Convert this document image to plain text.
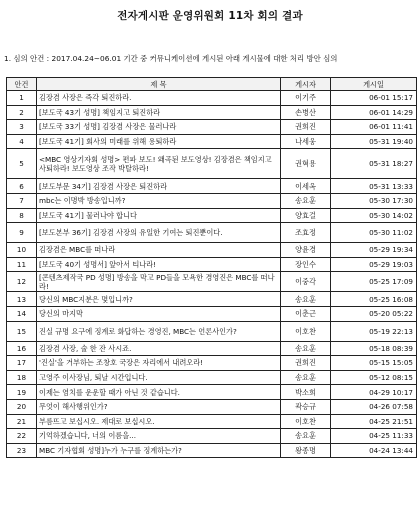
전자게시판 운영위원회 11차 회의 결과
1. 심의 안건 : 2017.04.24~06.01 기간 중 커뮤니케이션에 게시된 아래 게시물에 대한 처리 방안 심의
안건	제 목	게시자	게시일
1	김장겸 사장은 즉각 퇴진하라.	이기주	06-01 15:17
2	[보도국 43기 성명] 책임지고 퇴진하라	손병산	06-01 14:29
3	[보도국 33기 성명] 김장겸 사장은 물러나라	권희진	06-01 11:41
4	[보도국 41기] 회사의 미래를 위해 용퇴하라	나세웅	05-31 19:40
5	<MBC 영상기자회 성명> 편파 보도! 왜곡된 보도영상! 김장겸은 책임지고 사퇴하라! 보도영상 조작 박탈하라!	권혁용	05-31 18:27
6	[보도부문 34기] 김장겸 사장은 퇴진하라	이세옥	05-31 13:33
7	mbc는 이명박 방송입니까?	송요훈	05-30 17:30
8	[보도국 41기] 물러나야 합니다	양효걸	05-30 14:02
9	[보도본부 36기] 김장겸 사장의 유일한 기여는 퇴진뿐이다.	조효정	05-30 11:02
10	김장겸은 MBC를 떠나라	양윤경	05-29 19:34
11	[보도국 40기 성명서] 앞아서 티나라!	장인수	05-29 19:03
12	[콘텐츠제작국 PD 성명] 방송을 막고 PD들을 모욕한 경영진은 MBC를 떠나라!	이중각	05-25 17:09
13	당신의 MBC지분은 몇입니까?	송요훈	05-25 16:08
14	당신의 마지막	이춘근	05-20 05:22
15	진실 규명 요구에 징계로 화답하는 경영진, MBC는 언론사인가?	이호찬	05-19 22:13
16	김장겸 사장, 술 한 잔 사시죠.	송요훈	05-18 08:39
17	'진실'을 거부하는 조창호 국장은 자리에서 내려오라!	권희진	05-15 15:05
18	고영주 이사장님, 퇴날 시간입니다.	송요훈	05-12 08:15
19	이제는 염치를 운운할 때가 아닌 것 같습니다.	박소희	04-29 10:17
20	무엇이 해사행위인가?	곽승규	04-26 07:58
21	부름뜨고 보십시오. 제대로 보십시오.	이호찬	04-25 21:51
22	기억하겠습니다, 너의 이름을...	송요훈	04-25 11:33
23	MBC 기자협회 성명]누가 누구를 징계하는가?	왕종명	04-24 13:44
